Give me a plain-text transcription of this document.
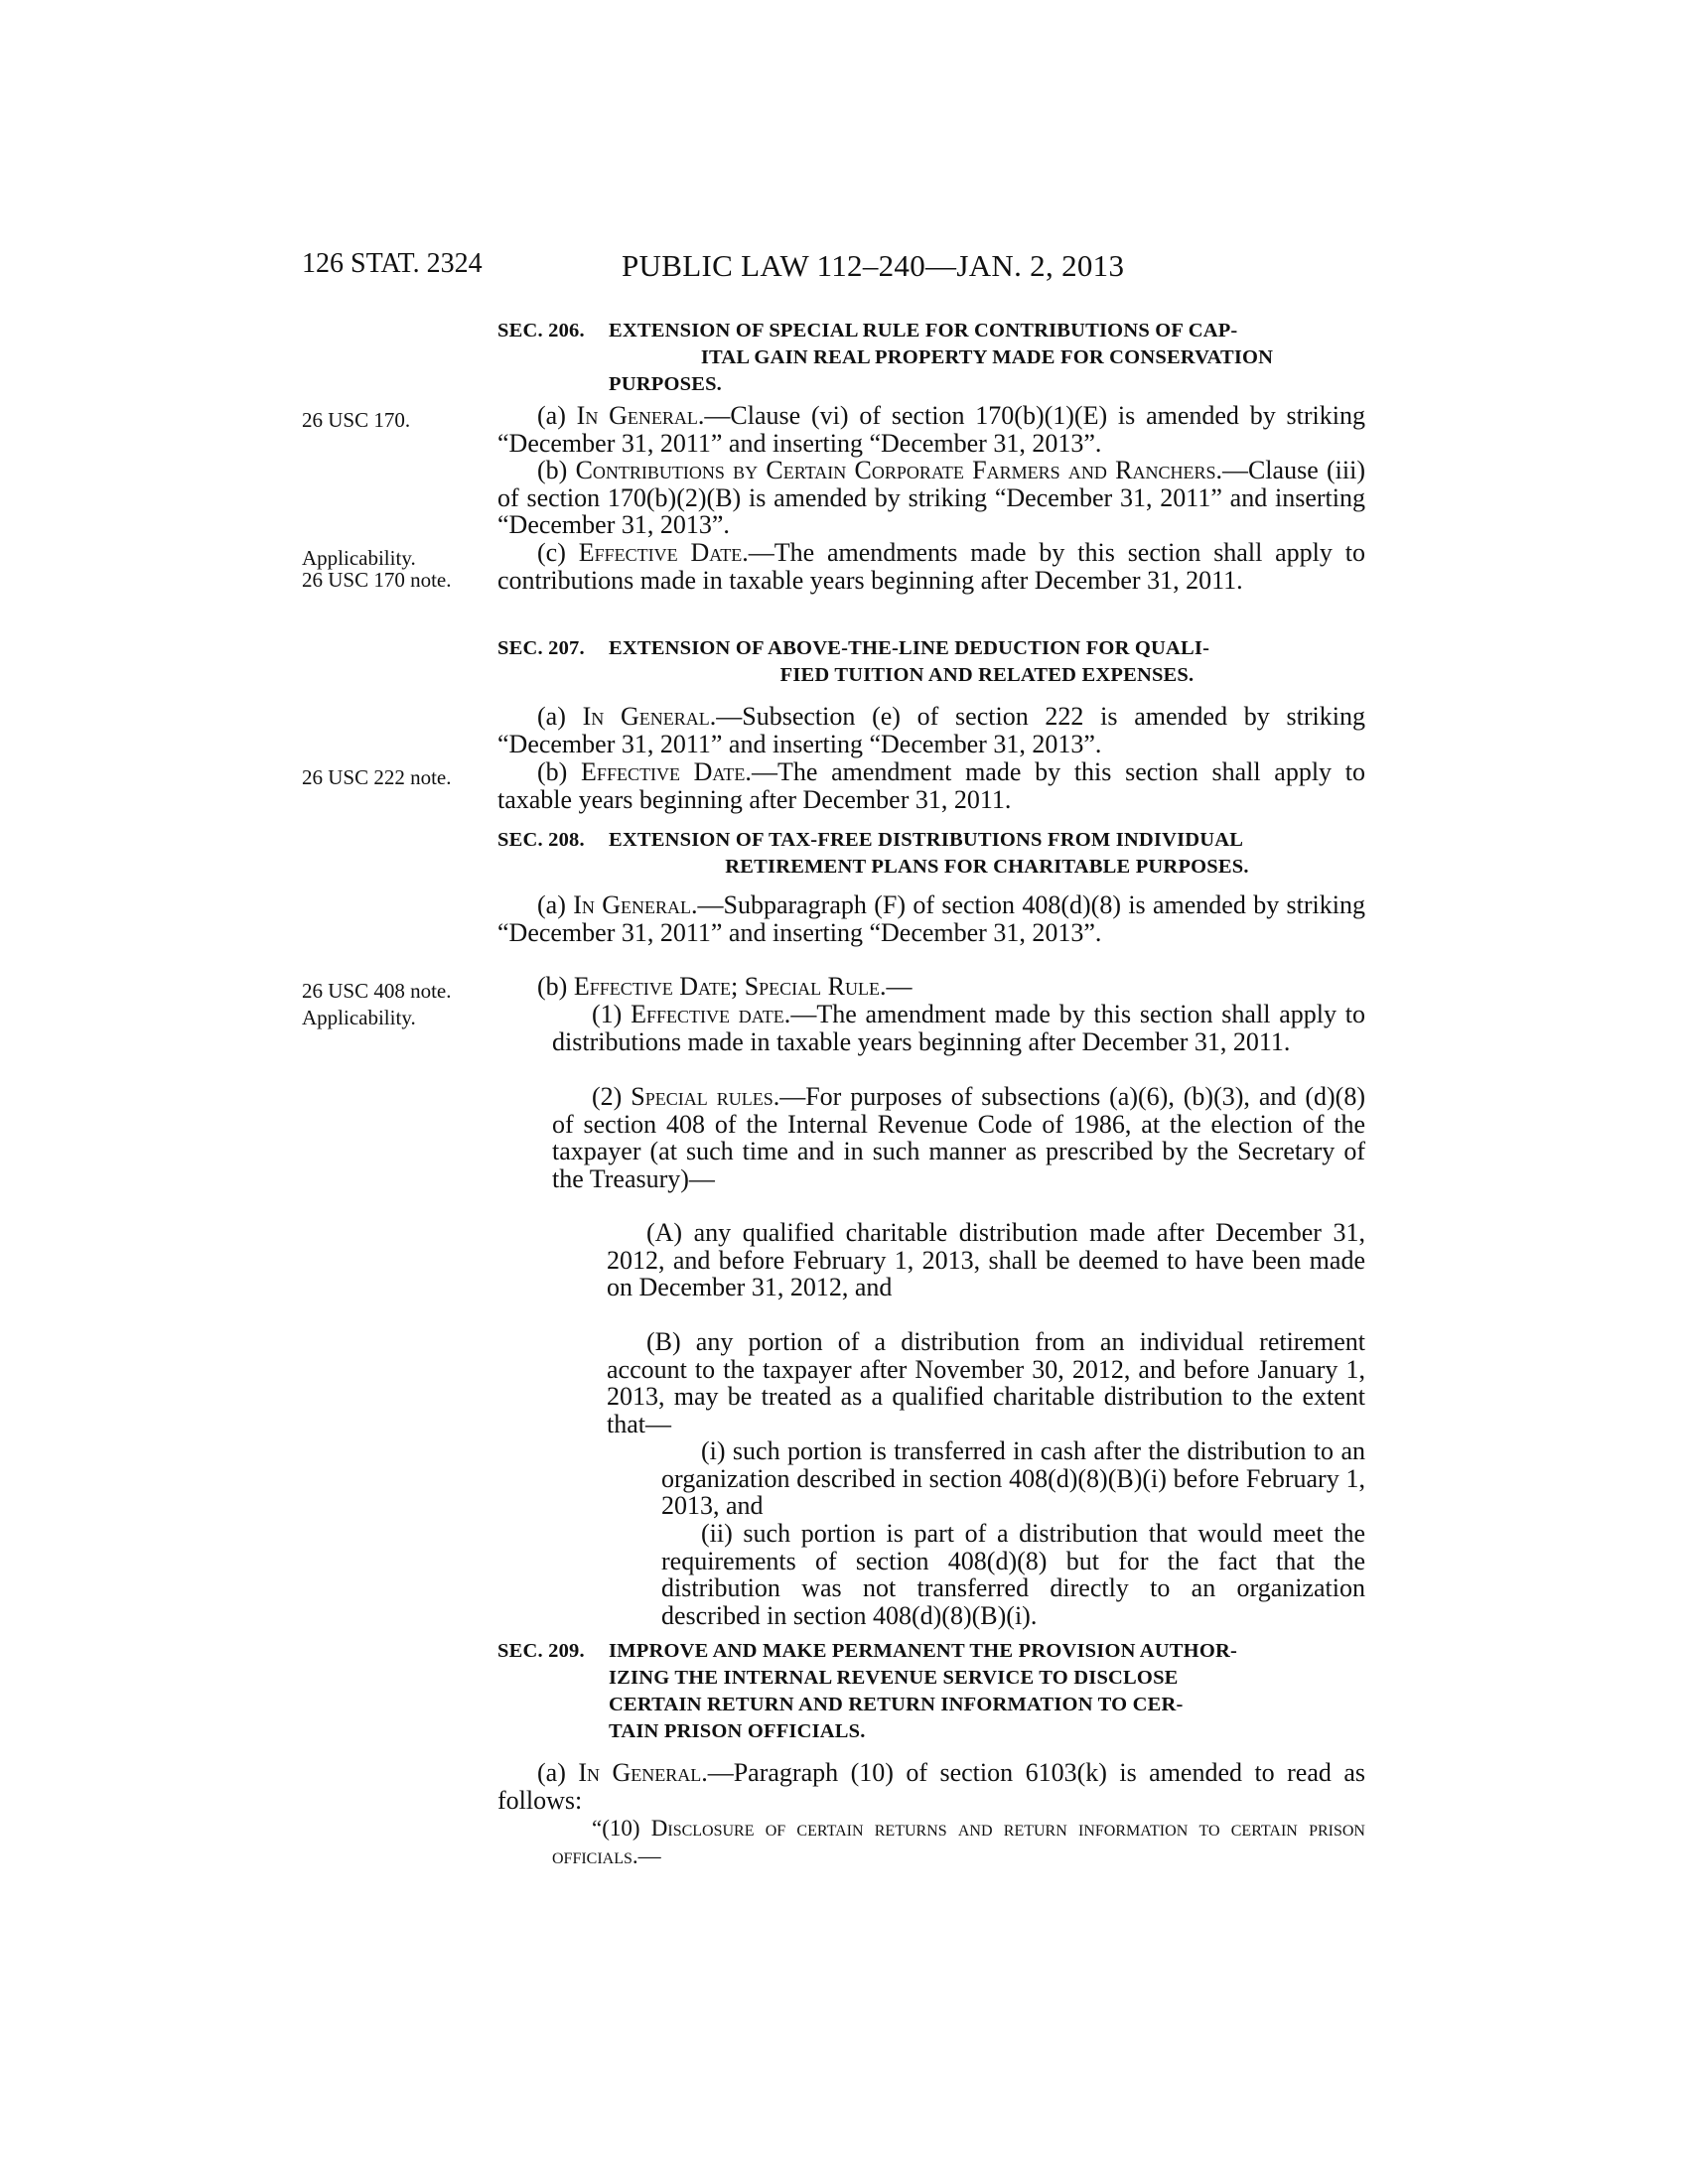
126 STAT. 2324	PUBLIC LAW 112–240—JAN. 2, 2013
26 USC 170.
Applicability.
26 USC 170 note.
26 USC 222 note.
26 USC 408 note.
Applicability.
SEC. 206. EXTENSION OF SPECIAL RULE FOR CONTRIBUTIONS OF CAP-
ITAL GAIN REAL PROPERTY MADE FOR CONSERVATION
PURPOSES.
(a) In General.—Clause (vi) of section 170(b)(1)(E) is amended by striking “December 31, 2011” and inserting “December 31, 2013”.
(b) Contributions by Certain Corporate Farmers and Ranchers.—Clause (iii) of section 170(b)(2)(B) is amended by striking “December 31, 2011” and inserting “December 31, 2013”.
(c) Effective Date.—The amendments made by this section shall apply to contributions made in taxable years beginning after December 31, 2011.
SEC. 207. EXTENSION OF ABOVE-THE-LINE DEDUCTION FOR QUALI-
FIED TUITION AND RELATED EXPENSES.
(a) In General.—Subsection (e) of section 222 is amended by striking “December 31, 2011” and inserting “December 31, 2013”.
(b) Effective Date.—The amendment made by this section shall apply to taxable years beginning after December 31, 2011.
SEC. 208. EXTENSION OF TAX-FREE DISTRIBUTIONS FROM INDIVIDUAL
RETIREMENT PLANS FOR CHARITABLE PURPOSES.
(a) In General.—Subparagraph (F) of section 408(d)(8) is amended by striking “December 31, 2011” and inserting “December 31, 2013”.
(b) Effective Date; Special Rule.—
(1) Effective date.—The amendment made by this section shall apply to distributions made in taxable years beginning after December 31, 2011.
(2) Special rules.—For purposes of subsections (a)(6), (b)(3), and (d)(8) of section 408 of the Internal Revenue Code of 1986, at the election of the taxpayer (at such time and in such manner as prescribed by the Secretary of the Treasury)—
(A) any qualified charitable distribution made after December 31, 2012, and before February 1, 2013, shall be deemed to have been made on December 31, 2012, and
(B) any portion of a distribution from an individual retirement account to the taxpayer after November 30, 2012, and before January 1, 2013, may be treated as a qualified charitable distribution to the extent that—
(i) such portion is transferred in cash after the distribution to an organization described in section 408(d)(8)(B)(i) before February 1, 2013, and
(ii) such portion is part of a distribution that would meet the requirements of section 408(d)(8) but for the fact that the distribution was not transferred directly to an organization described in section 408(d)(8)(B)(i).
SEC. 209. IMPROVE AND MAKE PERMANENT THE PROVISION AUTHOR-
IZING THE INTERNAL REVENUE SERVICE TO DISCLOSE
CERTAIN RETURN AND RETURN INFORMATION TO CER-
TAIN PRISON OFFICIALS.
(a) In General.—Paragraph (10) of section 6103(k) is amended to read as follows:
“(10) Disclosure of certain returns and return information to certain prison officials.—
